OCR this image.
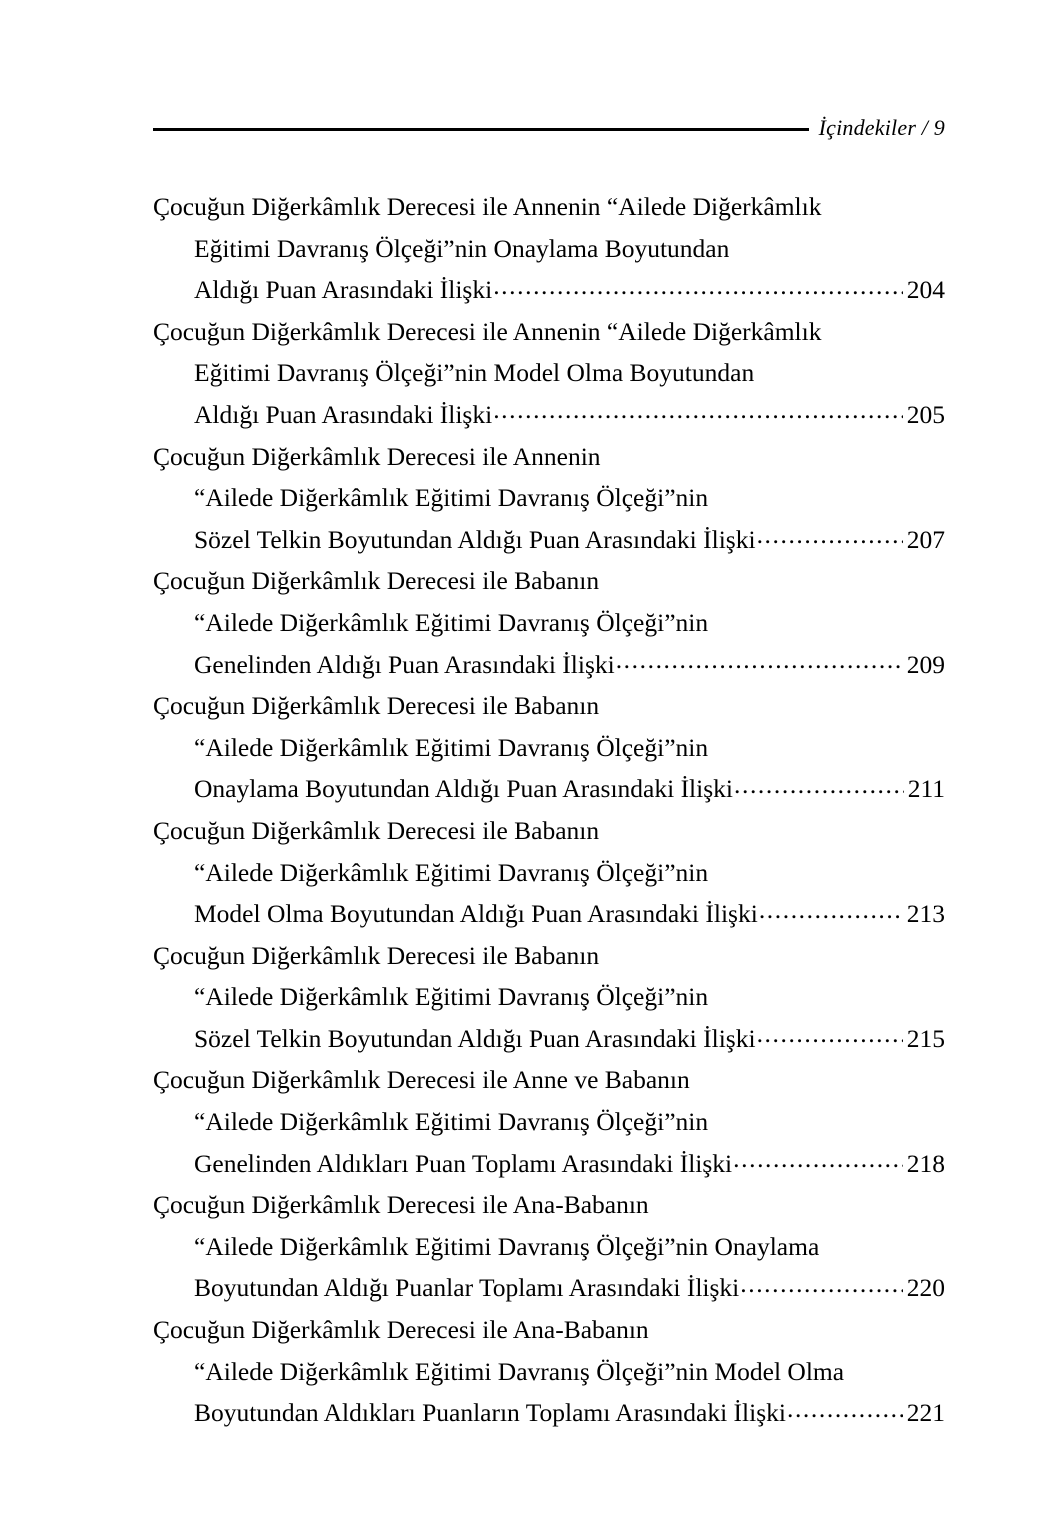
İçindekiler / 9
Çocuğun Diğerkâmlık Derecesi ile Annenin “Ailede Diğerkâmlık
Eğitimi Davranış Ölçeği”nin Onaylama Boyutundan
Aldığı Puan Arasındaki İlişki .....	204
Çocuğun Diğerkâmlık Derecesi ile Annenin “Ailede Diğerkâmlık
Eğitimi Davranış Ölçeği”nin Model Olma Boyutundan
Aldığı Puan Arasındaki İlişki .....	205
Çocuğun Diğerkâmlık Derecesi ile Annenin
“Ailede Diğerkâmlık Eğitimi Davranış Ölçeği”nin
Sözel Telkin Boyutundan Aldığı Puan Arasındaki İlişki .....	207
Çocuğun Diğerkâmlık Derecesi ile Babanın
“Ailede Diğerkâmlık Eğitimi Davranış Ölçeği”nin
Genelinden Aldığı Puan Arasındaki İlişki .....	209
Çocuğun Diğerkâmlık Derecesi ile Babanın
“Ailede Diğerkâmlık Eğitimi Davranış Ölçeği”nin
Onaylama Boyutundan Aldığı Puan Arasındaki İlişki .....	211
Çocuğun Diğerkâmlık Derecesi ile Babanın
“Ailede Diğerkâmlık Eğitimi Davranış Ölçeği”nin
Model Olma Boyutundan Aldığı Puan Arasındaki İlişki .....	213
Çocuğun Diğerkâmlık Derecesi ile Babanın
“Ailede Diğerkâmlık Eğitimi Davranış Ölçeği”nin
Sözel Telkin Boyutundan Aldığı Puan Arasındaki İlişki .....	215
Çocuğun Diğerkâmlık Derecesi ile Anne ve Babanın
“Ailede Diğerkâmlık Eğitimi Davranış Ölçeği”nin
Genelinden Aldıkları Puan Toplamı Arasındaki İlişki .....	218
Çocuğun Diğerkâmlık Derecesi ile Ana-Babanın
“Ailede Diğerkâmlık Eğitimi Davranış Ölçeği”nin Onaylama
Boyutundan Aldığı Puanlar Toplamı Arasındaki İlişki .....	220
Çocuğun Diğerkâmlık Derecesi ile Ana-Babanın
“Ailede Diğerkâmlık Eğitimi Davranış Ölçeği”nin Model Olma
Boyutundan Aldıkları Puanların Toplamı Arasındaki İlişki .....	221
